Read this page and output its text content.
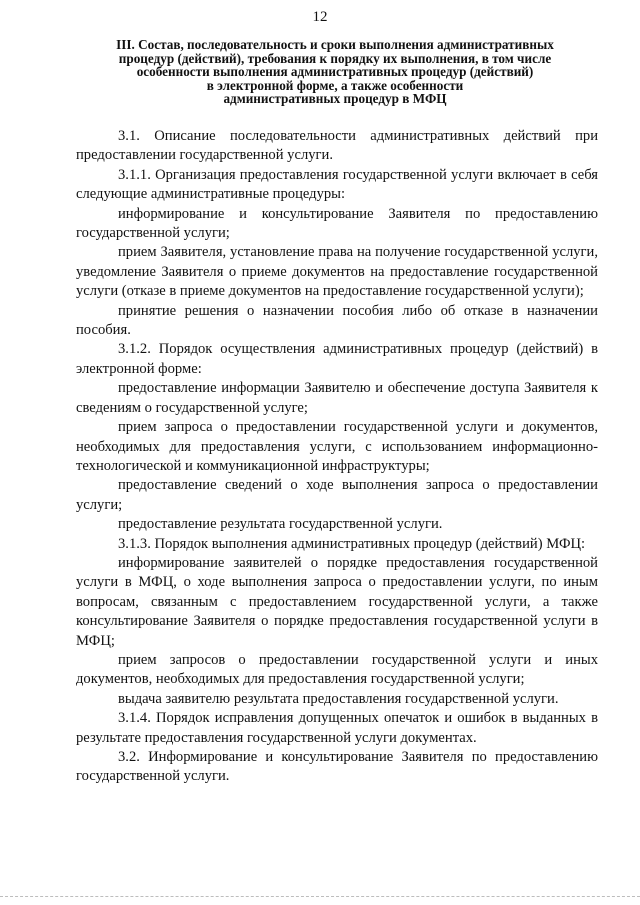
12
III. Состав, последовательность и сроки выполнения административных
процедур (действий), требования к порядку их выполнения, в том числе
особенности выполнения административных процедур (действий)
в электронной форме, а также особенности
административных процедур в МФЦ

3.1. Описание последовательности административных действий при предоставлении государственной услуги.

3.1.1. Организация предоставления государственной услуги включает в себя следующие административные процедуры:

информирование и консультирование Заявителя по предоставлению государственной услуги;

прием Заявителя, установление права на получение государственной услуги, уведомление Заявителя о приеме документов на предоставление государственной услуги (отказе в приеме документов на предоставление государственной услуги);

принятие решения о назначении пособия либо об отказе в назначении пособия.

3.1.2. Порядок осуществления административных процедур (действий) в электронной форме:

предоставление информации Заявителю и обеспечение доступа Заявителя к сведениям о государственной услуге;

прием запроса о предоставлении государственной услуги и документов, необходимых для предоставления услуги, с использованием информационно-технологической и коммуникационной инфраструктуры;

предоставление сведений о ходе выполнения запроса о предоставлении услуги;

предоставление результата государственной услуги.

3.1.3. Порядок выполнения административных процедур (действий) МФЦ:

информирование заявителей о порядке предоставления государственной услуги в МФЦ, о ходе выполнения запроса о предоставлении услуги, по иным вопросам, связанным с предоставлением государственной услуги, а также консультирование Заявителя о порядке предоставления государственной услуги в МФЦ;

прием запросов о предоставлении государственной услуги и иных документов, необходимых для предоставления государственной услуги;

выдача заявителю результата предоставления государственной услуги.

3.1.4. Порядок исправления допущенных опечаток и ошибок в выданных в результате предоставления государственной услуги документах.

3.2. Информирование и консультирование Заявителя по предоставлению государственной услуги.
